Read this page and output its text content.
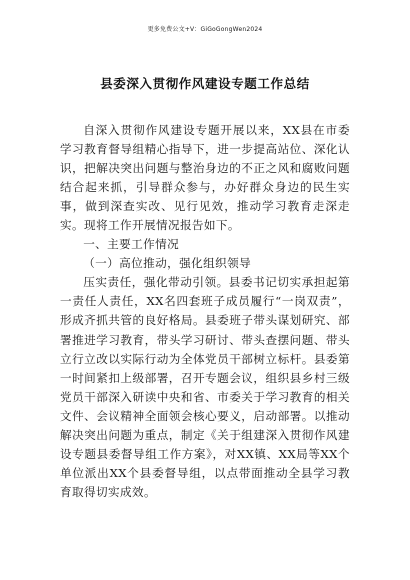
更多免费公文+V：GiGoGongWen2024
县委深入贯彻作风建设专题工作总结

自深入贯彻作风建设专题开展以来，XX县在市委学习教育督导组精心指导下，进一步提高站位、深化认识，把解决突出问题与整治身边的不正之风和腐败问题结合起来抓，引导群众参与，办好群众身边的民生实事，做到深查实改、见行见效，推动学习教育走深走实。现将工作开展情况报告如下。

一、主要工作情况

（一）高位推动，强化组织领导

压实责任，强化带动引领。县委书记切实承担起第一责任人责任，XX名四套班子成员履行“一岗双责”，形成齐抓共管的良好格局。县委班子带头谋划研究、部署推进学习教育，带头学习研讨、带头查摆问题、带头立行立改以实际行动为全体党员干部树立标杆。县委第一时间紧扣上级部署，召开专题会议，组织县乡村三级党员干部深入研读中央和省、市委关于学习教育的相关文件、会议精神全面领会核心要义，启动部署。以推动解决突出问题为重点，制定《关于组建深入贯彻作风建设专题县委督导组工作方案》，对XX镇、XX局等XX个单位派出XX个县委督导组，以点带面推动全县学习教育取得切实成效。
